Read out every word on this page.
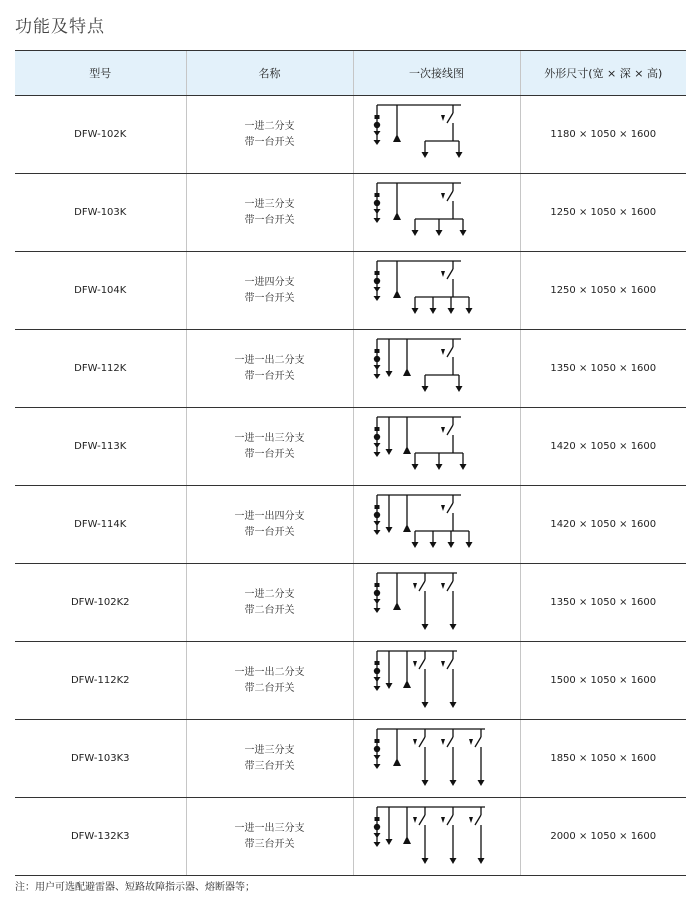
功能及特点
型号	名称	一次接线图	外形尺寸(宽 × 深 × 高)
DFW-102K	一进二分支
带一台开关		1180 × 1050 × 1600
DFW-103K	一进三分支
带一台开关		1250 × 1050 × 1600
DFW-104K	一进四分支
带一台开关		1250 × 1050 × 1600
DFW-112K	一进一出二分支
带一台开关		1350 × 1050 × 1600
DFW-113K	一进一出三分支
带一台开关		1420 × 1050 × 1600
DFW-114K	一进一出四分支
带一台开关		1420 × 1050 × 1600
DFW-102K2	一进二分支
带二台开关		1350 × 1050 × 1600
DFW-112K2	一进一出二分支
带二台开关		1500 × 1050 × 1600
DFW-103K3	一进三分支
带三台开关		1850 × 1050 × 1600
DFW-132K3	一进一出三分支
带三台开关		2000 × 1050 × 1600
注：用户可选配避雷器、短路故障指示器、熔断器等；
